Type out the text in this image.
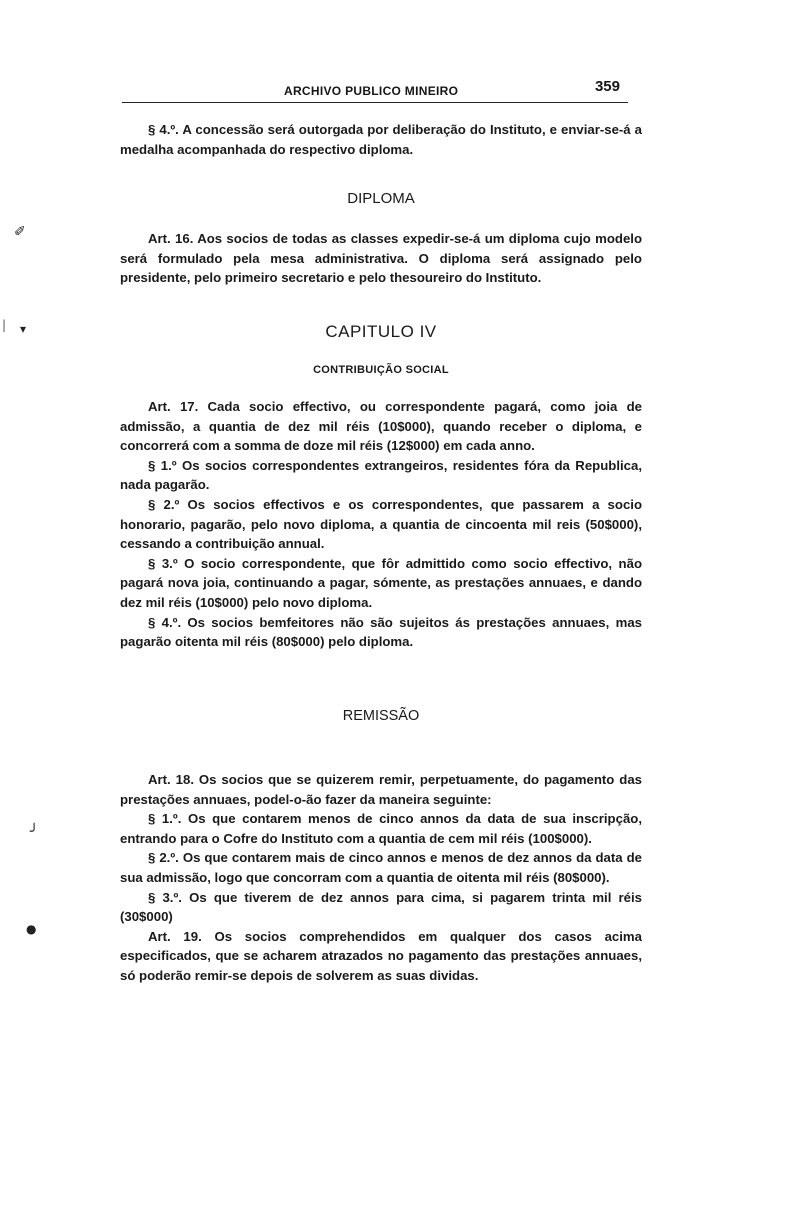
ARCHIVO PUBLICO MINEIRO	359

§ 4.º. A concessão será outorgada por deliberação do Instituto, e enviar-se-á a medalha acompanhada do respectivo diploma.

DIPLOMA

Art. 16. Aos socios de todas as classes expedir-se-á um diploma cujo modelo será formulado pela mesa administrativa. O diploma será assignado pelo presidente, pelo primeiro secretario e pelo thesoureiro do Instituto.

CAPITULO IV
CONTRIBUIÇÃO SOCIAL

Art. 17. Cada socio effectivo, ou correspondente pagará, como joia de admissão, a quantia de dez mil réis (10$000), quando receber o diploma, e concorrerá com a somma de doze mil réis (12$000) em cada anno.

§ 1.º Os socios correspondentes extrangeiros, residentes fóra da Republica, nada pagarão.

§ 2.º Os socios effectivos e os correspondentes, que passarem a socio honorario, pagarão, pelo novo diploma, a quantia de cincoenta mil reis (50$000), cessando a contribuição annual.

§ 3.º O socio correspondente, que fôr admittido como socio effectivo, não pagará nova joia, continuando a pagar, sómente, as prestações annuaes, e dando dez mil réis (10$000) pelo novo diploma.

§ 4.º. Os socios bemfeitores não são sujeitos ás prestações annuaes, mas pagarão oitenta mil réis (80$000) pelo diploma.

REMISSÃO

Art. 18. Os socios que se quizerem remir, perpetuamente, do pagamento das prestações annuaes, podel-o-ão fazer da maneira seguinte:

§ 1.º. Os que contarem menos de cinco annos da data de sua inscripção, entrando para o Cofre do Instituto com a quantia de cem mil réis (100$000).

§ 2.º. Os que contarem mais de cinco annos e menos de dez annos da data de sua admissão, logo que concorram com a quantia de oitenta mil réis (80$000).

§ 3.º. Os que tiverem de dez annos para cima, si pagarem trinta mil réis (30$000)

Art. 19. Os socios comprehendidos em qualquer dos casos acima especificados, que se acharem atrazados no pagamento das prestações annuaes, só poderão remir-se depois de solverem as suas dividas.

✐
| ▾
╯
●
